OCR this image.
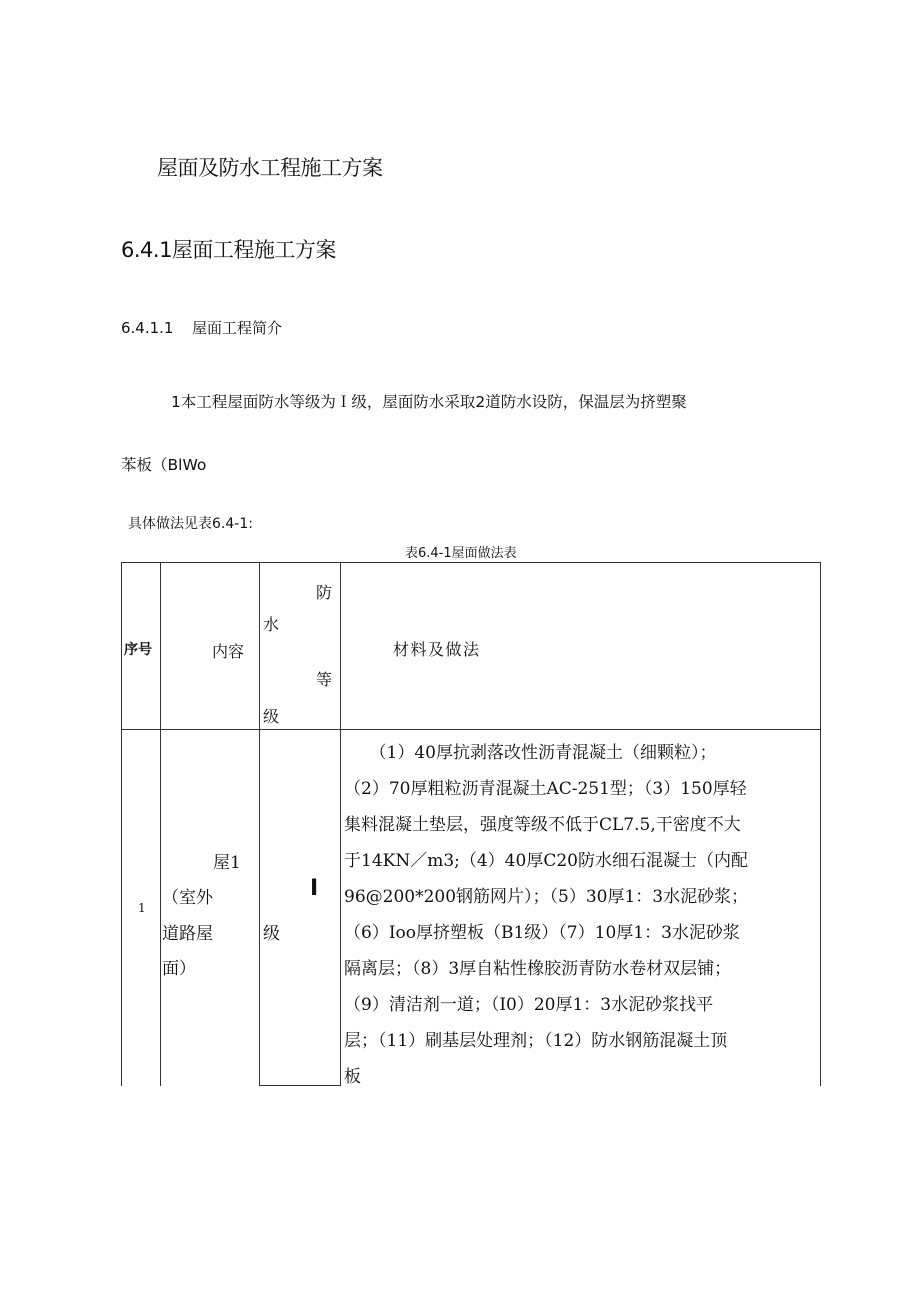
屋面及防水工程施工方案
6.4.1屋面工程施工方案
6.4.1.1 屋面工程简介
1本工程屋面防水等级为Ｉ级，屋面防水采取2道防水设防，保温层为挤塑聚
苯板（BlWo
具体做法见表6.4-1:
表6.4-1屋面做法表
序号	内容
防
水
等
级
材料及做法
1
屋1
（室外
道路屋
面）
I
级
　　（1）40厚抗剥落改性沥青混凝土（细颗粒）；
（2）70厚粗粒沥青混凝土AC-251型；（3）150厚轻
集料混凝土垫层，强度等级不低于CL7.5,干密度不大
于14KN／m3;（4）40厚C20防水细石混凝士（内配
96@200*200钢筋网片）；（5）30厚1：3水泥砂浆；
（6）Ioo厚挤塑板（B1级）（7）10厚1：3水泥砂浆
隔离层；（8）3厚自粘性橡胶沥青防水卷材双层铺；
（9）清洁剂一道；（I0）20厚1：3水泥砂浆找平
层；（11）刷基层处理剂；（12）防水钢筋混凝土顶
板
